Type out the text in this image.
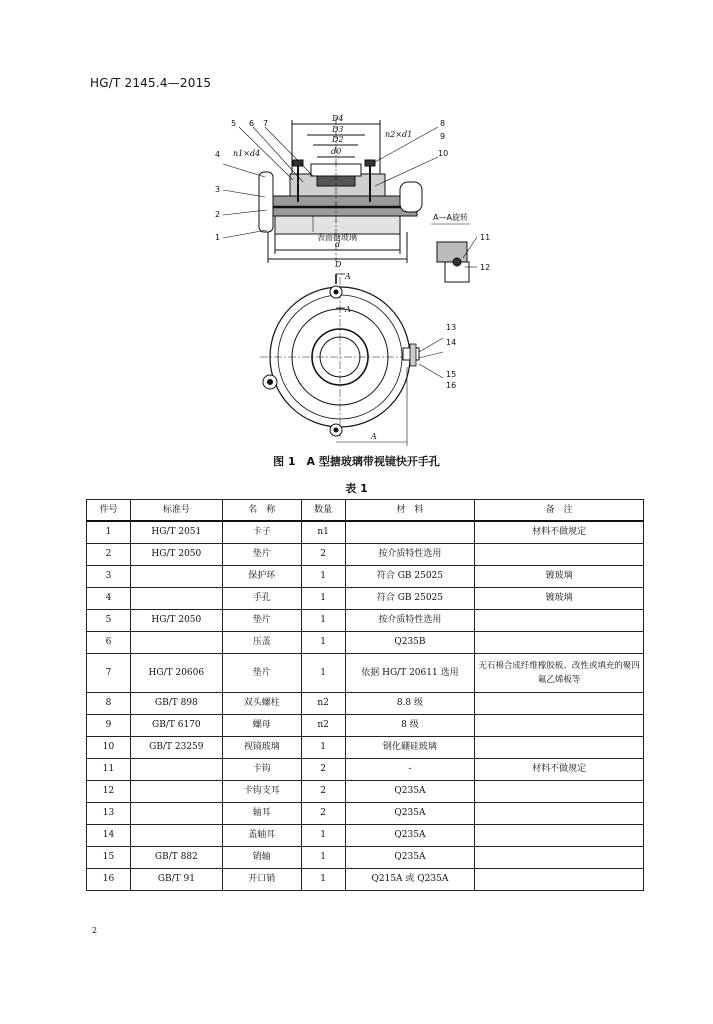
HG/T 2145.4—2015
D4
D3
D2
d0
d
D
n2×d1
n1×d4
表面搪玻璃
5 6 7	8
9
10
4
3
2
1
A—A旋转
11
12
A
A
A
13
14
15
16
图 1　A 型搪玻璃带视镜快开手孔
表 1
件号	标准号	名　称	数量	材　料	备　注
1	HG/T 2051	卡子	n1		材料不做规定
2	HG/T 2050	垫片	2	按介质特性选用	
3		保护环	1	符合 GB 25025	镀玻璃
4		手孔	1	符合 GB 25025	镀玻璃
5	HG/T 2050	垫片	1	按介质特性选用	
6		压盖	1	Q235B	
7	HG/T 20606	垫片	1	依据 HG/T 20611 选用	无石棉合成纤维橡胶板、改性或填充的聚四氟乙烯板等
8	GB/T 898	双头螺柱	n2	8.8 级	
9	GB/T 6170	螺母	n2	8 级	
10	GB/T 23259	视镜玻璃	1	钢化硼硅玻璃	
11		卡钩	2	-	材料不做规定
12		卡钩支耳	2	Q235A	
13		轴耳	2	Q235A	
14		盖轴耳	1	Q235A	
15	GB/T 882	销轴	1	Q235A	
16	GB/T 91	开口销	1	Q215A 或 Q235A	
2
